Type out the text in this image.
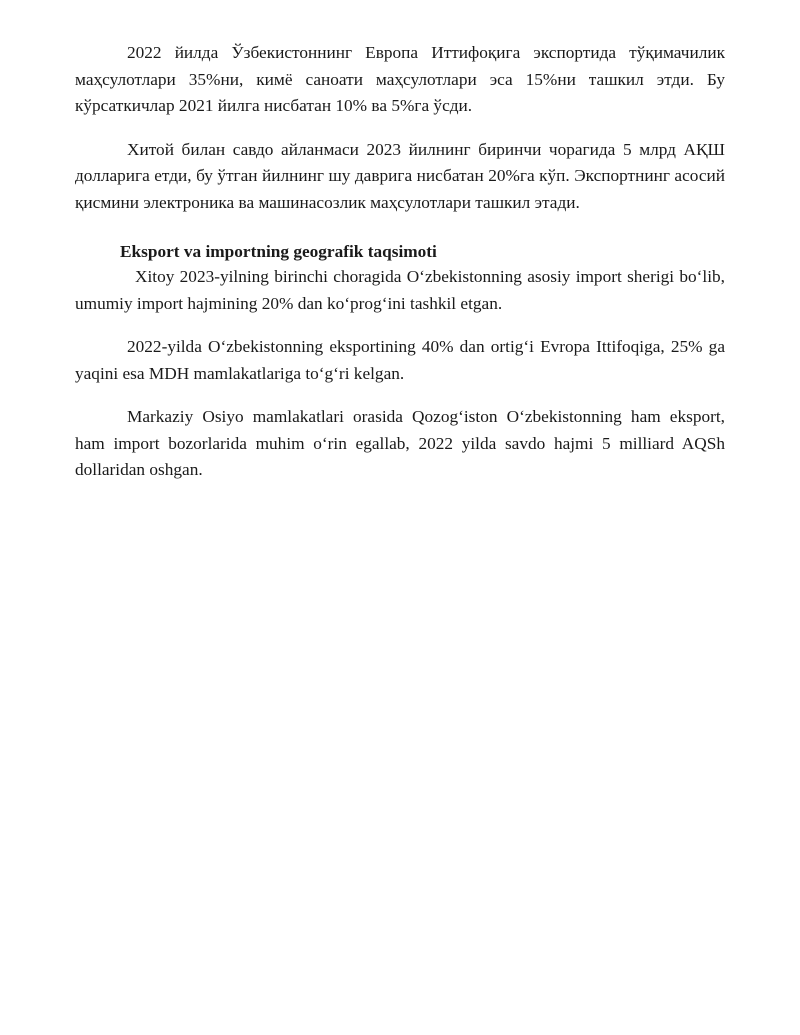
2022 йилда Ўзбекистоннинг Европа Иттифоқига экспортида тўқимачилик маҳсулотлари 35%ни, кимё саноати маҳсулотлари эса 15%ни ташкил этди. Бу кўрсаткичлар 2021 йилга нисбатан 10% ва 5%га ўсди.

Хитой билан савдо айланмаси 2023 йилнинг биринчи чорагида 5 млрд АҚШ долларига етди, бу ўтган йилнинг шу даврига нисбатан 20%га кўп. Экспортнинг асосий қисмини электроника ва машинасозлик маҳсулотлари ташкил этади.

Eksport va importning geografik taqsimoti

Xitoy 2023-yilning birinchi choragida Oʻzbekistonning asosiy import sherigi boʻlib, umumiy import hajmining 20% dan koʻprogʻini tashkil etgan.

2022-yilda Oʻzbekistonning eksportining 40% dan ortigʻi Evropa Ittifoqiga, 25% ga yaqini esa MDH mamlakatlariga toʻgʻri kelgan.

Markaziy Osiyo mamlakatlari orasida Qozogʻiston Oʻzbekistonning ham eksport, ham import bozorlarida muhim oʻrin egallab, 2022 yilda savdo hajmi 5 milliard AQSh dollaridan oshgan.
